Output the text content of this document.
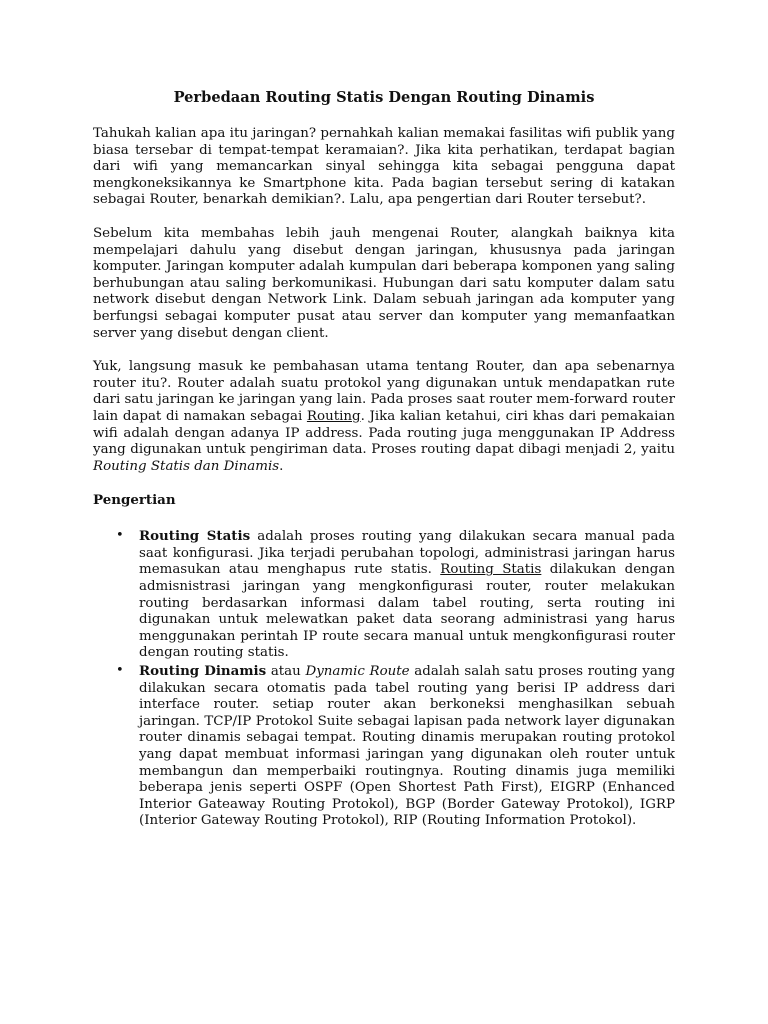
Perbedaan Routing Statis Dengan Routing Dinamis

Tahukah kalian apa itu jaringan? pernahkah kalian memakai fasilitas wifi publik yang biasa tersebar di tempat-tempat keramaian?. Jika kita perhatikan, terdapat bagian dari wifi yang memancarkan sinyal sehingga kita sebagai pengguna dapat mengkoneksikannya ke Smartphone kita. Pada bagian tersebut sering di katakan sebagai Router, benarkah demikian?. Lalu, apa pengertian dari Router tersebut?.

Sebelum kita membahas lebih jauh mengenai Router, alangkah baiknya kita mempelajari dahulu yang disebut dengan jaringan, khususnya pada jaringan komputer. Jaringan komputer adalah kumpulan dari beberapa komponen yang saling berhubungan atau saling berkomunikasi. Hubungan dari satu komputer dalam satu network disebut dengan Network Link. Dalam sebuah jaringan ada komputer yang berfungsi sebagai komputer pusat atau server dan komputer yang memanfaatkan server yang disebut dengan client.

Yuk, langsung masuk ke pembahasan utama tentang Router, dan apa sebenarnya router itu?. Router adalah suatu protokol yang digunakan untuk mendapatkan rute dari satu jaringan ke jaringan yang lain. Pada proses saat router mem-forward router lain dapat di namakan sebagai Routing. Jika kalian ketahui, ciri khas dari pemakaian wifi adalah dengan adanya IP address. Pada routing juga menggunakan IP Address yang digunakan untuk pengiriman data. Proses routing dapat dibagi menjadi 2, yaitu Routing Statis dan Dinamis.

Pengertian
• Routing Statis adalah proses routing yang dilakukan secara manual pada saat konfigurasi. Jika terjadi perubahan topologi, administrasi jaringan harus memasukan atau menghapus rute statis. Routing Statis dilakukan dengan admisnistrasi jaringan yang mengkonfigurasi router, router melakukan routing berdasarkan informasi dalam tabel routing, serta routing ini digunakan untuk melewatkan paket data seorang administrasi yang harus menggunakan perintah IP route secara manual untuk mengkonfigurasi router dengan routing statis.
• Routing Dinamis atau Dynamic Route adalah salah satu proses routing yang dilakukan secara otomatis pada tabel routing yang berisi IP address dari interface router. setiap router akan berkoneksi menghasilkan sebuah jaringan. TCP/IP Protokol Suite sebagai lapisan pada network layer digunakan router dinamis sebagai tempat. Routing dinamis merupakan routing protokol yang dapat membuat informasi jaringan yang digunakan oleh router untuk membangun dan memperbaiki routingnya. Routing dinamis juga memiliki beberapa jenis seperti OSPF (Open Shortest Path First), EIGRP (Enhanced Interior Gateaway Routing Protokol), BGP (Border Gateway Protokol), IGRP (Interior Gateway Routing Protokol), RIP (Routing Information Protokol).
